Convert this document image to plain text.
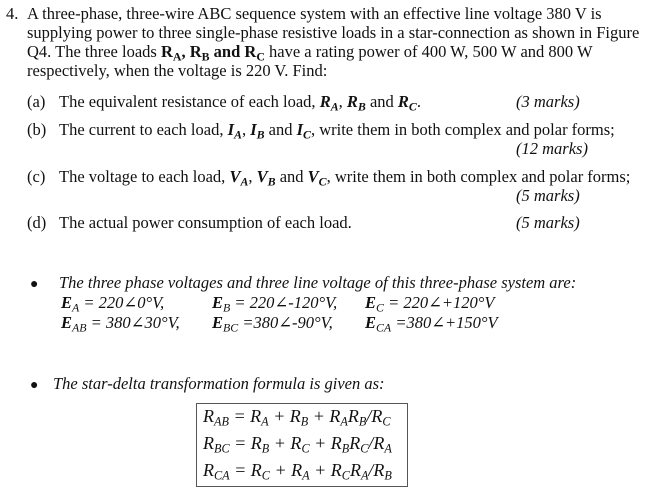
4. A three-phase, three-wire ABC sequence system with an effective line voltage 380 V is
supplying power to three single-phase resistive loads in a star-connection as shown in Figure
Q4. The three loads $R_A$, $R_B$ and $R_C$ have a rating power of 400 W, 500 W and 800 W
respectively, when the voltage is 220 V. Find:
(a) The equivalent resistance of each load, $R_A$, $R_B$ and $R_C$.	(3 marks)
(b) The current to each load, $I_A$, $I_B$ and $I_C$, write them in both complex and polar forms;
(12 marks)
(c) The voltage to each load, $V_A$, $V_B$ and $V_C$, write them in both complex and polar forms;
(5 marks)
(d) The actual power consumption of each load.	(5 marks)
● The three phase voltages and three line voltage of this three-phase system are:
$E_A$ = 220∠0°V,	$E_B$ = 220∠-120°V, $E_C$ = 220∠+120°V
$E_{AB}$ = 380∠30°V, $E_{BC}$ =380∠-90°V, $E_{CA}$ =380∠+150°V
● The star-delta transformation formula is given as:
$R_{AB} = R_A + R_B + R_AR_B/R_C$
$R_{BC} = R_B + R_C + R_BR_C/R_A$
$R_{CA} = R_C + R_A + R_CR_A/R_B$
